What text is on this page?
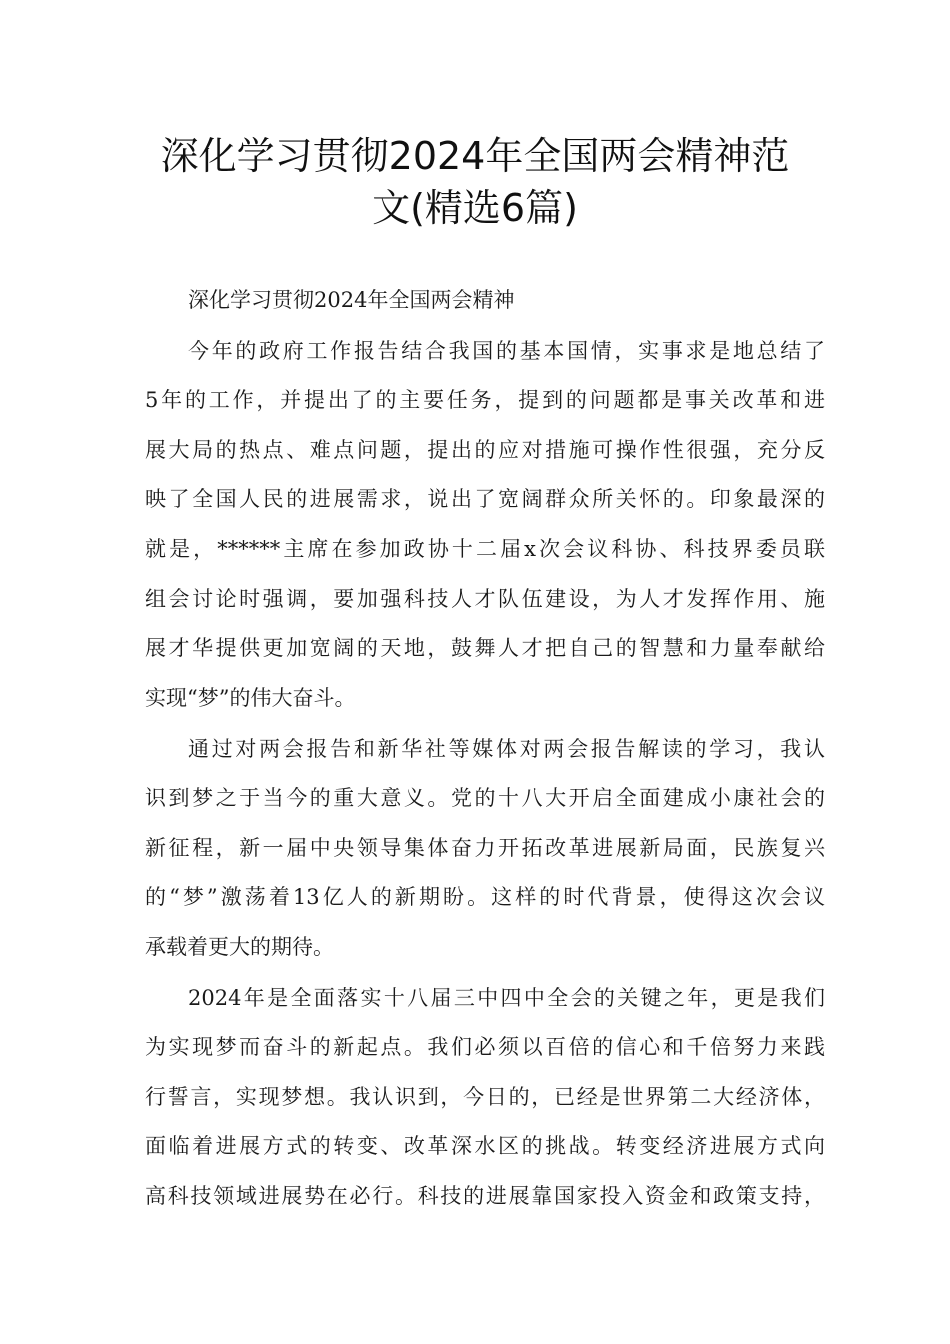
深化学习贯彻2024年全国两会精神范
文(精选6篇)
深化学习贯彻2024年全国两会精神
今年的政府工作报告结合我国的基本国情，实事求是地总结了
5年的工作，并提出了的主要任务，提到的问题都是事关改革和进
展大局的热点、难点问题，提出的应对措施可操作性很强，充分反
映了全国人民的进展需求，说出了宽阔群众所关怀的。印象最深的
就是，******主席在参加政协十二届x次会议科协、科技界委员联
组会讨论时强调，要加强科技人才队伍建设，为人才发挥作用、施
展才华提供更加宽阔的天地，鼓舞人才把自己的智慧和力量奉献给
实现“梦”的伟大奋斗。
通过对两会报告和新华社等媒体对两会报告解读的学习，我认
识到梦之于当今的重大意义。党的十八大开启全面建成小康社会的
新征程，新一届中央领导集体奋力开拓改革进展新局面，民族复兴
的“梦”激荡着13亿人的新期盼。这样的时代背景，使得这次会议
承载着更大的期待。
2024年是全面落实十八届三中四中全会的关键之年，更是我们
为实现梦而奋斗的新起点。我们必须以百倍的信心和千倍努力来践
行誓言，实现梦想。我认识到，今日的，已经是世界第二大经济体，
面临着进展方式的转变、改革深水区的挑战。转变经济进展方式向
高科技领域进展势在必行。科技的进展靠国家投入资金和政策支持，
